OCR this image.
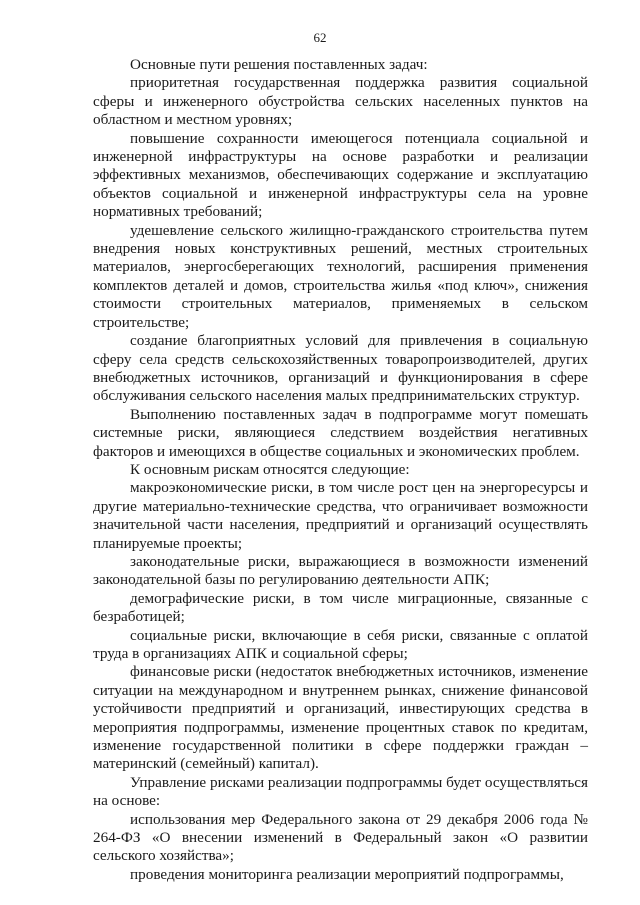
62

Основные пути решения поставленных задач:

приоритетная государственная поддержка развития социальной сферы и инженерного обустройства сельских населенных пунктов на областном и местном уровнях;

повышение сохранности имеющегося потенциала социальной и инженерной инфраструктуры на основе разработки и реализации эффективных механизмов, обеспечивающих содержание и эксплуатацию объектов социальной и инженерной инфраструктуры села на уровне нормативных требований;

удешевление сельского жилищно-гражданского строительства путем внедрения новых конструктивных решений, местных строительных материалов, энергосберегающих технологий, расширения применения комплектов деталей и домов, строительства жилья «под ключ», снижения стоимости строительных материалов, применяемых в сельском строительстве;

создание благоприятных условий для привлечения в социальную сферу села средств сельскохозяйственных товаропроизводителей, других внебюджетных источников, организаций и функционирования в сфере обслуживания сельского населения малых предпринимательских структур.

Выполнению поставленных задач в подпрограмме могут помешать системные риски, являющиеся следствием воздействия негативных факторов и имеющихся в обществе социальных и экономических проблем.

К основным рискам относятся следующие:

макроэкономические риски, в том числе рост цен на энергоресурсы и другие материально-технические средства, что ограничивает возможности значительной части населения, предприятий и организаций осуществлять планируемые проекты;

законодательные риски, выражающиеся в возможности изменений законодательной базы по регулированию деятельности АПК;

демографические риски, в том числе миграционные, связанные с безработицей;

социальные риски, включающие в себя риски, связанные с оплатой труда в организациях АПК и социальной сферы;

финансовые риски (недостаток внебюджетных источников, изменение ситуации на международном и внутреннем рынках, снижение финансовой устойчивости предприятий и организаций, инвестирующих средства в мероприятия подпрограммы, изменение процентных ставок по кредитам, изменение государственной политики в сфере поддержки граждан – материнский (семейный) капитал).

Управление рисками реализации подпрограммы будет осуществляться на основе:

использования мер Федерального закона от 29 декабря 2006 года № 264-ФЗ «О внесении изменений в Федеральный закон «О развитии сельского хозяйства»;

проведения мониторинга реализации мероприятий подпрограммы,
